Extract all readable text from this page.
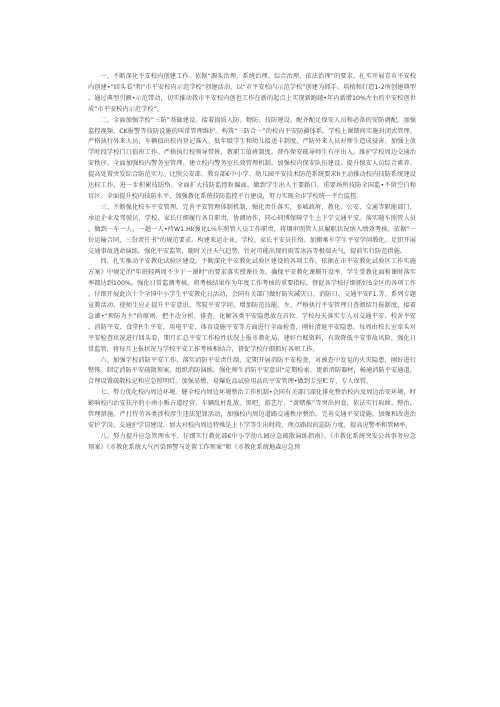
一、不断深化平安校内创建工作。依据“源头治理、系统治理、综合治理、依法治理”的要求，扎实开展青市平安校内创建•“回头看”和“市平安校内示范学校”创建活动，以“市平安校内示范学校”创建为抓手。培植和打造1-2所创建典型。通过典型引额•示范带动，切实推动我市平安校内创也工作在新的起点上实现新跑越•年内新增10%左右的平安校创世成“市平安校内示范学校”，

二、全面加强学校“三防”基础建设。接着损质人防、物防、技防建设。配齐配足保安人员和必备的安防调配。加强监控视频、CK报警等技防设施的叫常管理维护。构筑“三防合一”的校内平安防疆体系。学校上课期间实施封闭式管理。严格执行外来人员、车辆值出校内登记准入、低年级学生和幼儿接送卡制度，严防外来人员对师生造成侵害。加强上放学时段学校门口值班工作。严格执行校领导带班、教职工值班制度。督作保安疏导师生有序出入。维护学校周边交通治安秩序。全面加强校内警务室管理。建立校内警务室长效管理机制。加强校内保安队伍建设。提升保安人员综合素养。提高处置突发综合防范实力。比照公安部、教育部€中小学、幼儿园平安技术防范系统要求h主动推动校内技防系统建设达标工作，进一步积累技防络、全面扩大技防监控粒偏面，做到学生出入主要路口、重要场所技防全国监•不留空白和盲区。全面提升校内技防水平，加强教化系统技防监控平台建设，努力实现全市学校统一平台监控。

三、不断强化校车平安管理。完善平安管理体制机制，强化责任落实，多城政府，教化、公安、交通等职能部门，承运企业及驾驶员，学校、家长仔细履行各自职责，协调协作，同心同博保障学生上下学交通平安。落实随车照管人员，做到一车一人，一趟一人•持W1.Hk强化L⅛车照管人员工作职责，将烟审照管人员履职状况纳入绩效考核。依据“一份运输合同、三份责任书”的规范要求。构建来运企业、学校、家长平安员任络。加搬乘车学生平安学问教化。足织开展交通事故逃命演练，强化平安监管，随时关注天气趋势，针对可能出现的雨雪冰冻等极端天气，提前实行防范措施。

四、扎实推动平安教化试验区建设。不断深化平安教化试验区建设的各项工作，依据在市平安教化试验区工作实施方案》中规定的“年班轻两周不少于一课时”的要求落实授课任务，确保平安教化课顺开设率、学生受教化面和课时落实率都达到100%。强化日常监测考核。将考核结果作为年度工作考核的重要指标。督促各学校仔细抓好S金区的各项工作。仔细开展此次十个全国中小学生平安教化日活动，会同有关部门做好防灾减灾日、消防日、交通平安F1.等，系列专题宣教活动，使师生应正提升平安意识，驾驭平安学问，增加防范技能。左、严格执行平安管理日查阅结月报制度，接着急湖•“预防为主”的原则，把主动分析、排查、化解各类平安隐患放在首位。学校每天落实专人对交通平安、校舍平安、消防平安、食堂P.生平安、用电平安、体育设施平安等方面进行全面检查，刚好清退平安隐患。每周由校长室牵头对平安检查状况进行回头看，期月汇总平安工作检性状况上报市教化局，建好台账资料，有效降低平安事故风险，强化日常监管，将每月上报状况与学校平安工作考核相结合，督促学校仔细抓好各项工作。

六、加强学校消防平安工作。落实消防平安责任制，定期开展消防平安检查，对被查中发觉的火灾隐患，刚好进行整恢。制定消防平安疏散预案，组织消防演练，强化师生消防平安意识“定期检索，更新消防器材，畅通消防平安通道，合理设置疏散标记和应急照明灯。加强易燃、易爆危品试验用品的平安管理•做到专室贮存、专人保管。

七、努力优化校内周边环境。健全校内周边环境整治工作机制•会同有关部门深化排化整治校内及周边治安环境，时影响校内治安扶序的小南小贩占道经营、车辆乱杆乱放、黑吧、游艺厅，“黄赌推”等突出何食，依法实行取締。整治，管理措施。严打侍劳各类涉校涉生违法犯罪活动，加强校内周边道路交通秩序整治。完善交通平安设施。加强和改进治安护学岗、交通护学岗建设，加大对校内周边特殊是上下学等生出时段、理点路段的巡防力度，提高见警率和管M率，

八、努力提升应急管理水平。仔细实行教化部€中小学幼儿园应急疏散演练指南》、《市教化系统突发公共事务应急预案》《市教化系统大气污染预警与处置工作预案”和《市教化系统地森应急预
